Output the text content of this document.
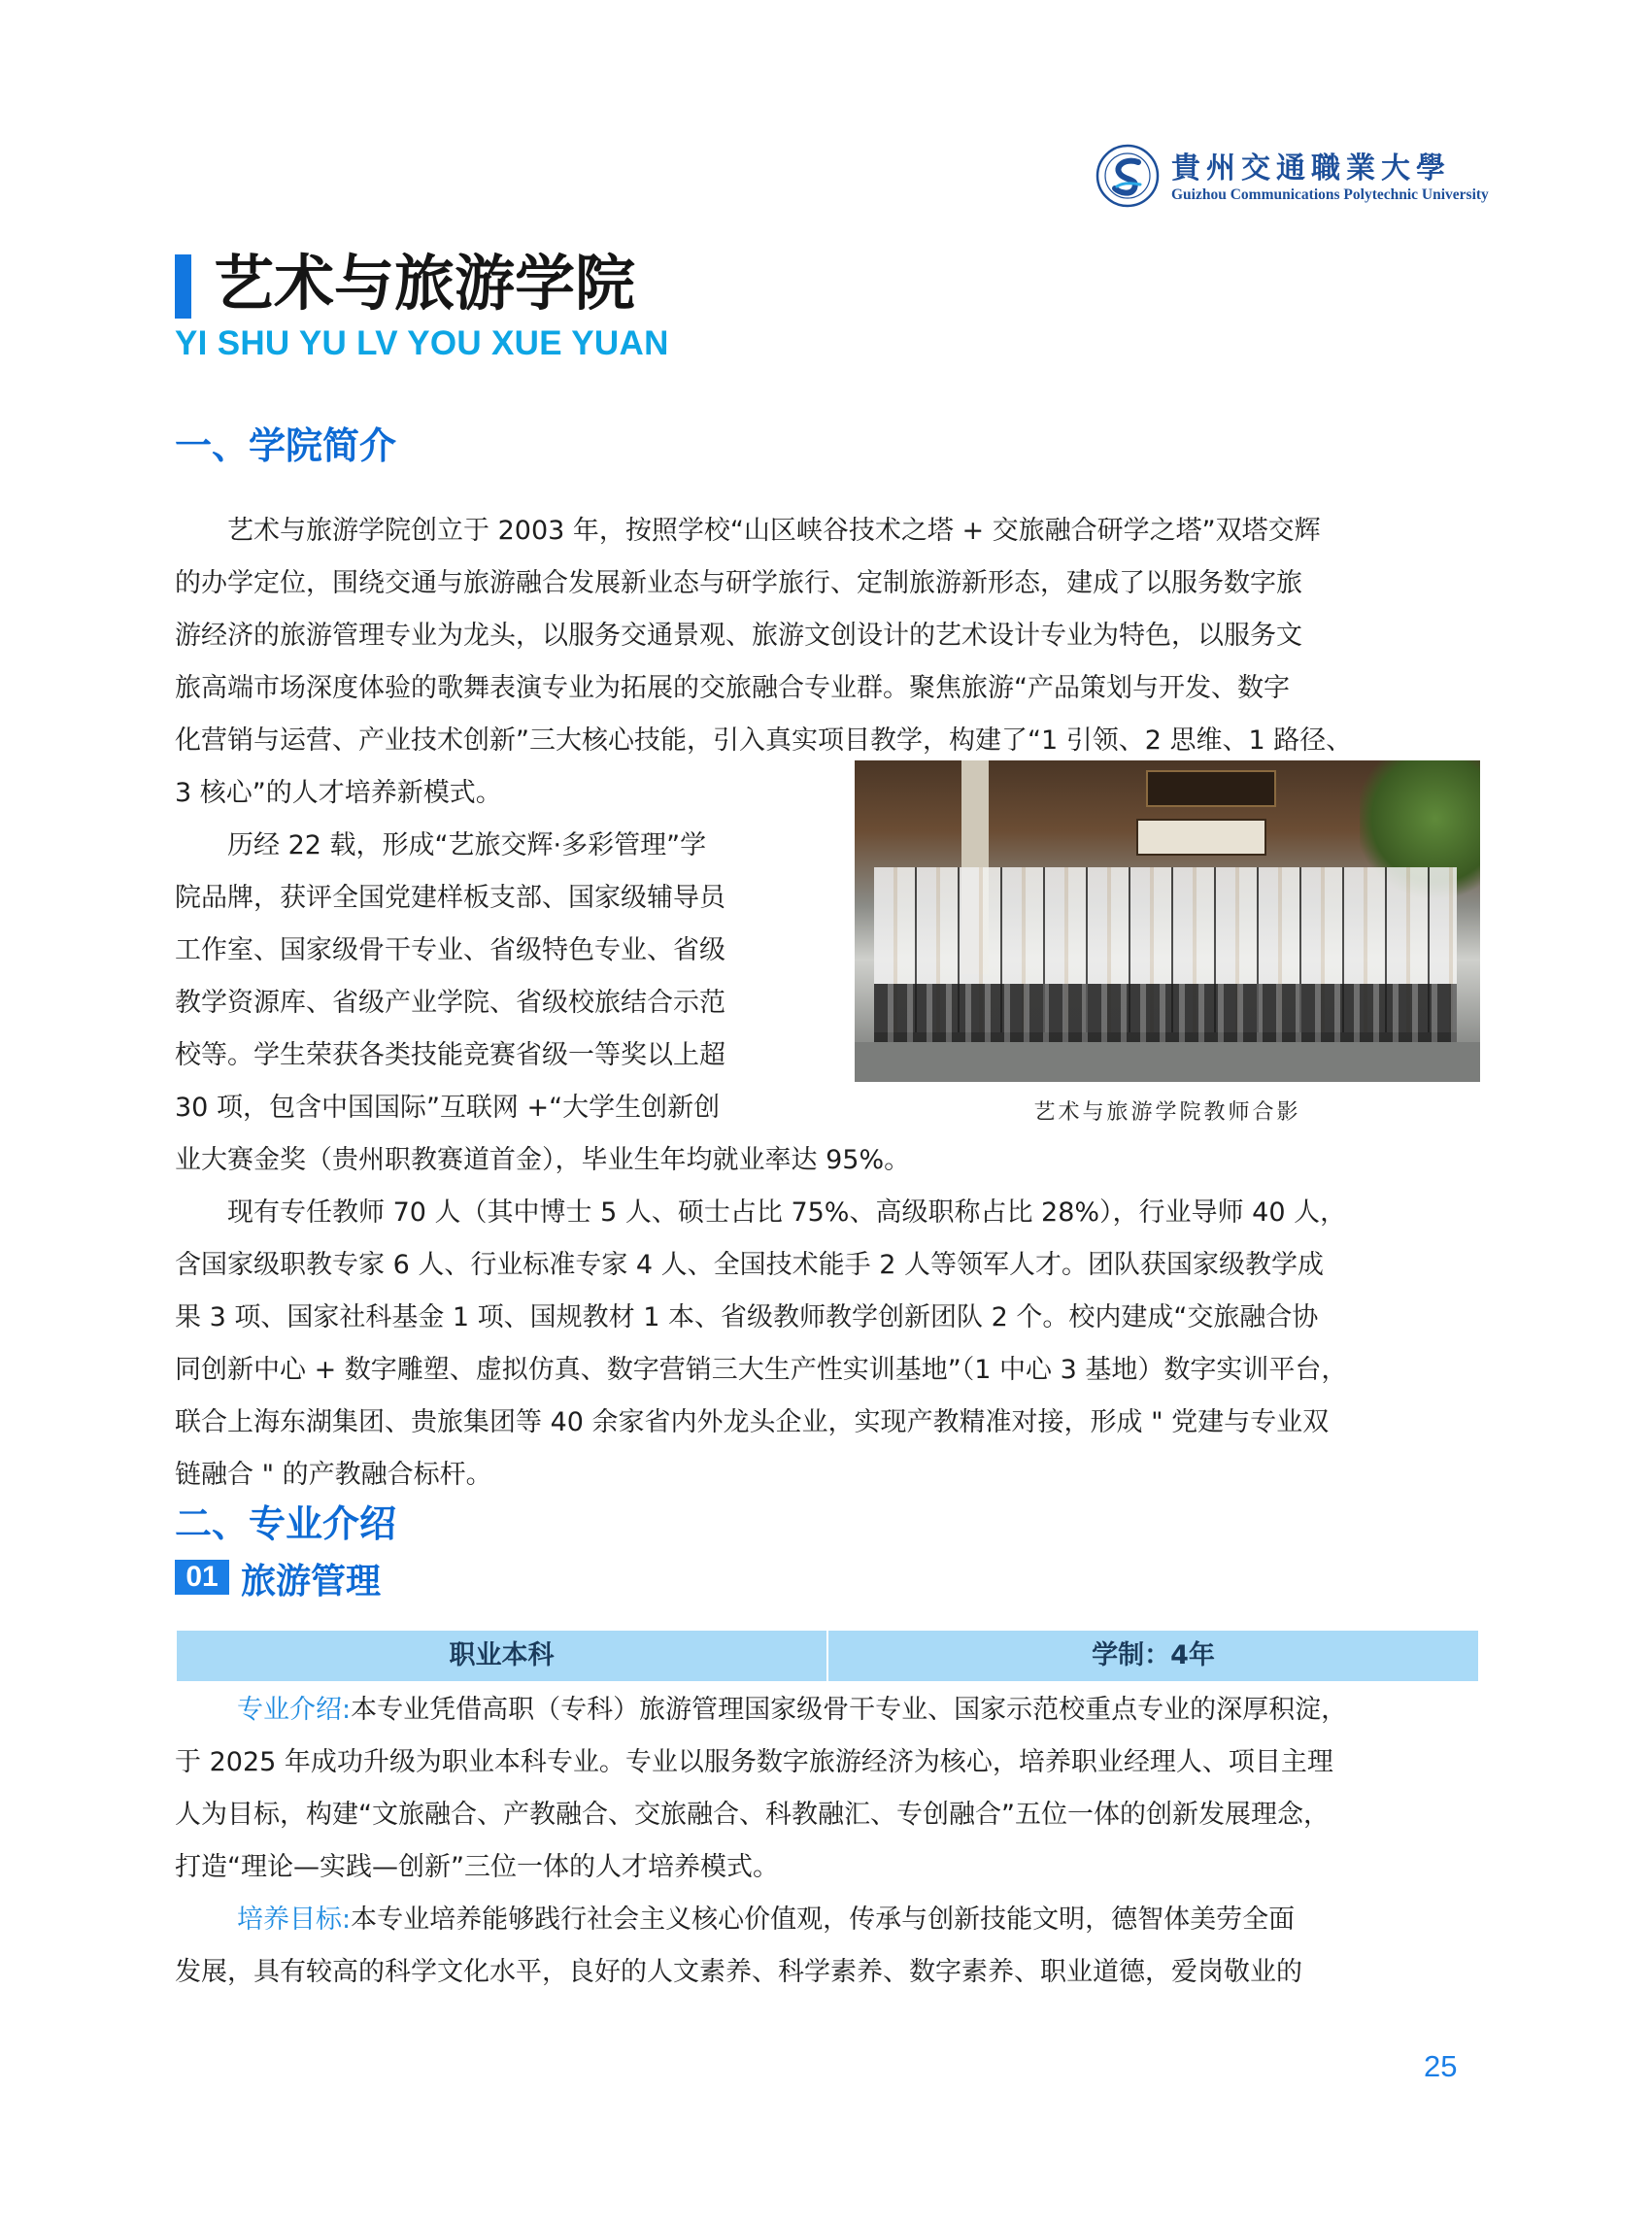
貴州交通職業大學
Guizhou Communications Polytechnic University
艺术与旅游学院
YI SHU YU LV YOU XUE YUAN
一、学院简介
艺术与旅游学院创立于 2003 年，按照学校“山区峡谷技术之塔 + 交旅融合研学之塔”双塔交辉
的办学定位，围绕交通与旅游融合发展新业态与研学旅行、定制旅游新形态，建成了以服务数字旅
游经济的旅游管理专业为龙头，以服务交通景观、旅游文创设计的艺术设计专业为特色，以服务文
旅高端市场深度体验的歌舞表演专业为拓展的交旅融合专业群。聚焦旅游“产品策划与开发、数字
化营销与运营、产业技术创新”三大核心技能，引入真实项目教学，构建了“1 引领、2 思维、1 路径、
3 核心”的人才培养新模式。
历经 22 载，形成“艺旅交辉·多彩管理”学
院品牌，获评全国党建样板支部、国家级辅导员
工作室、国家级骨干专业、省级特色专业、省级
教学资源库、省级产业学院、省级校旅结合示范
校等。学生荣获各类技能竞赛省级一等奖以上超
30 项，包含中国国际”互联网 +“大学生创新创
业大赛金奖（贵州职教赛道首金），毕业生年均就业率达 95%。
艺术与旅游学院教师合影
现有专任教师 70 人（其中博士 5 人、硕士占比 75%、高级职称占比 28%），行业导师 40 人，
含国家级职教专家 6 人、行业标准专家 4 人、全国技术能手 2 人等领军人才。团队获国家级教学成
果 3 项、国家社科基金 1 项、国规教材 1 本、省级教师教学创新团队 2 个。校内建成“交旅融合协
同创新中心 + 数字雕塑、虚拟仿真、数字营销三大生产性实训基地”（1 中心 3 基地）数字实训平台，
联合上海东湖集团、贵旅集团等 40 余家省内外龙头企业，实现产教精准对接，形成 " 党建与专业双
链融合 " 的产教融合标杆。
二、专业介绍
01 旅游管理
职业本科	学制：4年
专业介绍:本专业凭借高职（专科）旅游管理国家级骨干专业、国家示范校重点专业的深厚积淀，
于 2025 年成功升级为职业本科专业。专业以服务数字旅游经济为核心，培养职业经理人、项目主理
人为目标，构建“文旅融合、产教融合、交旅融合、科教融汇、专创融合”五位一体的创新发展理念，
打造“理论—实践—创新”三位一体的人才培养模式。
培养目标:本专业培养能够践行社会主义核心价值观，传承与创新技能文明，德智体美劳全面
发展，具有较高的科学文化水平，良好的人文素养、科学素养、数字素养、职业道德，爱岗敬业的
25
